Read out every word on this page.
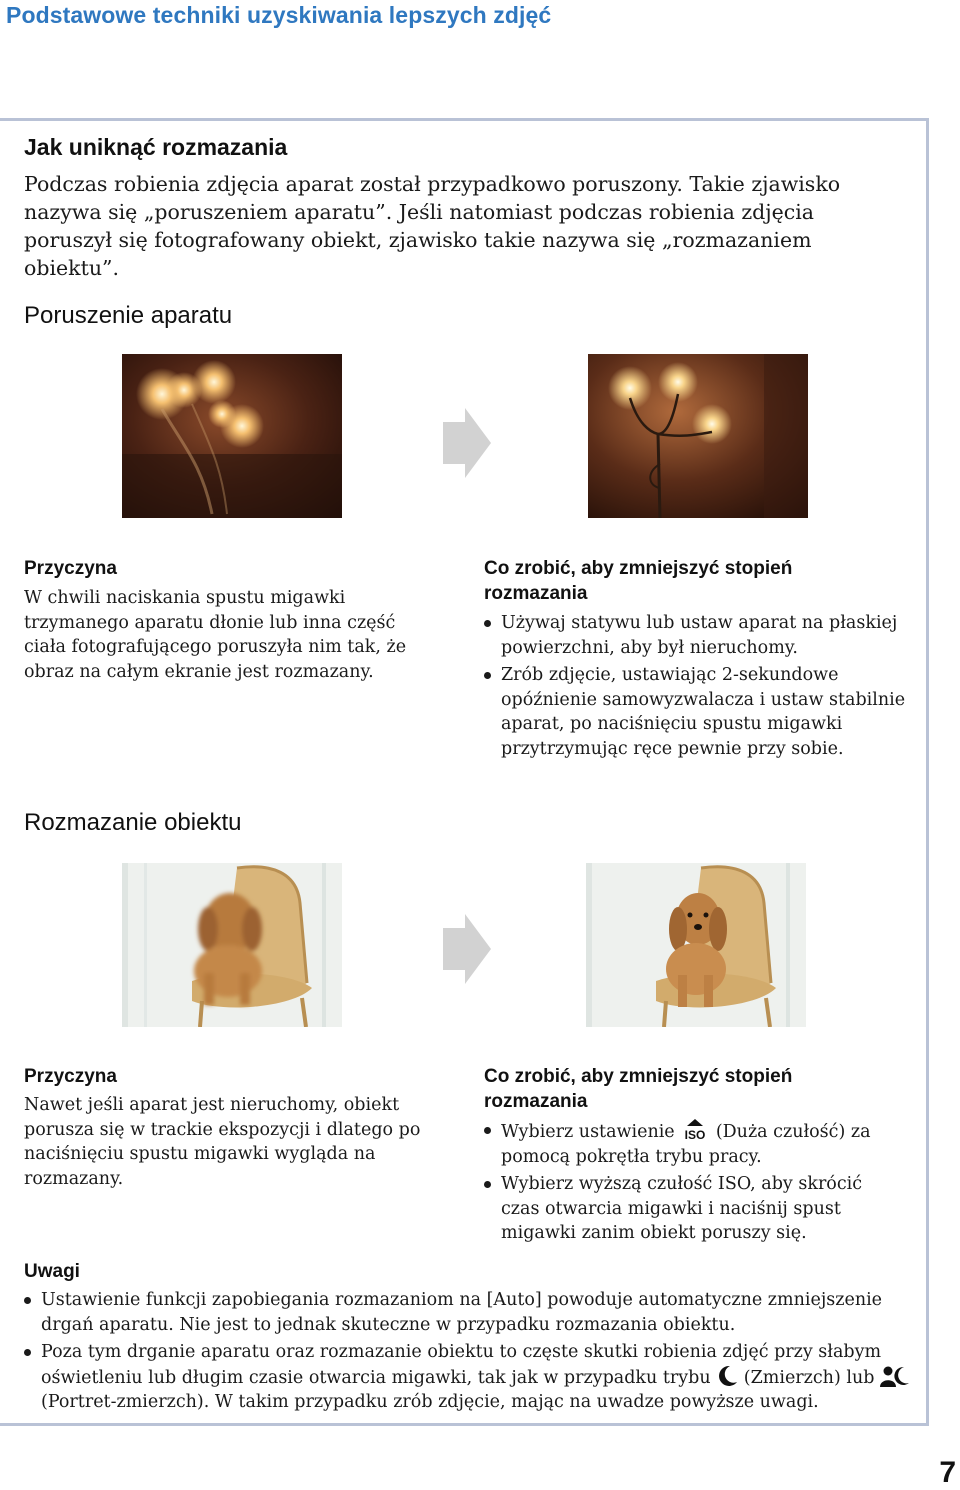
Podstawowe techniki uzyskiwania lepszych zdjęć
Jak uniknąć rozmazania
Podczas robienia zdjęcia aparat został przypadkowo poruszony. Takie zjawisko nazywa się „poruszeniem aparatu”. Jeśli natomiast podczas robienia zdjęcia poruszył się fotografowany obiekt, zjawisko takie nazywa się „rozmazaniem obiektu”.
Poruszenie aparatu
Przyczyna
W chwili naciskania spustu migawki trzymanego aparatu dłonie lub inna część ciała fotografującego poruszyła nim tak, że obraz na całym ekranie jest rozmazany.
Co zrobić, aby zmniejszyć stopień rozmazania
Używaj statywu lub ustaw aparat na płaskiej powierzchni, aby był nieruchomy.
Zrób zdjęcie, ustawiając 2-sekundowe opóźnienie samowyzwalacza i ustaw stabilnie aparat, po naciśnięciu spustu migawki przytrzymując ręce pewnie przy sobie.
Rozmazanie obiektu
Przyczyna
Nawet jeśli aparat jest nieruchomy, obiekt porusza się w trackie ekspozycji i dlatego po naciśnięciu spustu migawki wygląda na rozmazany.
Co zrobić, aby zmniejszyć stopień rozmazania
Wybierz ustawienie ISO (Duża czułość) za pomocą pokrętła trybu pracy.
Wybierz wyższą czułość ISO, aby skrócić czas otwarcia migawki i naciśnij spust migawki zanim obiekt poruszy się.
Uwagi
Ustawienie funkcji zapobiegania rozmazaniom na [Auto] powoduje automatyczne zmniejszenie drgań aparatu. Nie jest to jednak skuteczne w przypadku rozmazania obiektu.
Poza tym drganie aparatu oraz rozmazanie obiektu to częste skutki robienia zdjęć przy słabym oświetleniu lub długim czasie otwarcia migawki, tak jak w przypadku trybu (Zmierzch) lub  (Portret-zmierzch). W takim przypadku zrób zdjęcie, mając na uwadze powyższe uwagi.
7
